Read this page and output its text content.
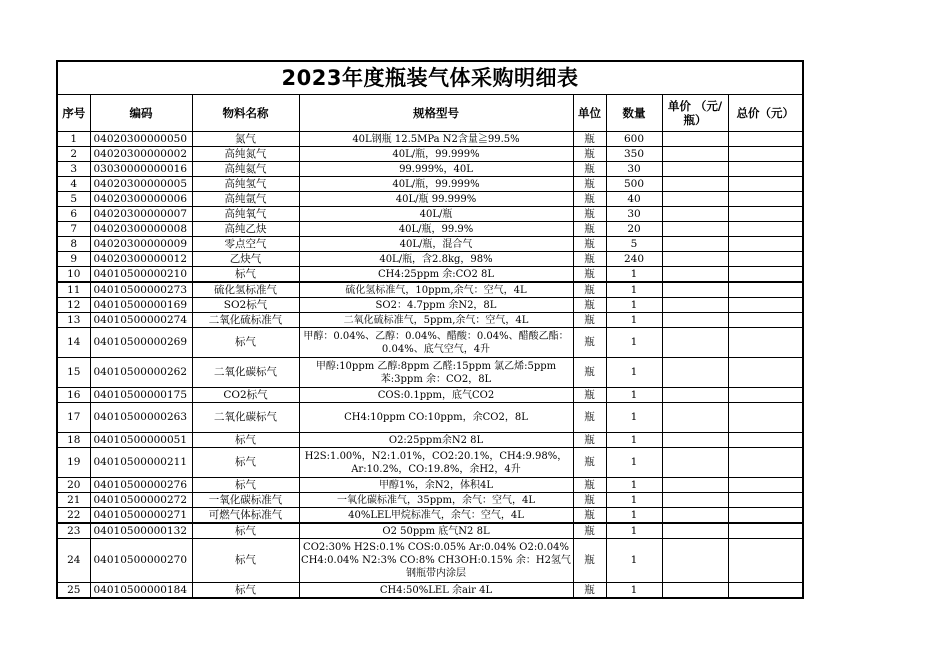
2023年度瓶装气体采购明细表							
序号	编码	物料名称	规格型号	单位	数量	单价 （元/瓶）	总价（元）
1	04020300000050	氮气	40L钢瓶 12.5MPa N2含量≧99.5%	瓶	600		
2	04020300000002	高纯氮气	40L/瓶，99.999%	瓶	350		
3	03030000000016	高纯氦气	99.999%，40L	瓶	30		
4	04020300000005	高纯氢气	40L/瓶，99.999%	瓶	500		
5	04020300000006	高纯氩气	40L/瓶 99.999%	瓶	40		
6	04020300000007	高纯氧气	40L/瓶	瓶	30		
7	04020300000008	高纯乙炔	40L/瓶，99.9%	瓶	20		
8	04020300000009	零点空气	40L/瓶，混合气	瓶	5		
9	04020300000012	乙炔气	40L/瓶，含2.8kg，98%	瓶	240		
10	04010500000210	标气	CH4:25ppm 余:CO2 8L	瓶	1		
11	04010500000273	硫化氢标准气	硫化氢标准气，10ppm,余气：空气，4L	瓶	1		
12	04010500000169	SO2标气	SO2：4.7ppm 余N2，8L	瓶	1		
13	04010500000274	二氧化硫标准气	二氧化硫标准气，5ppm,余气：空气，4L	瓶	1		
14	04010500000269	标气	甲醇：0.04%、乙醇：0.04%、醋酸：0.04%、醋酸乙酯：0.04%、底气空气，4升	瓶	1		
15	04010500000262	二氧化碳标气	甲醇:10ppm 乙醇:8ppm 乙醛:15ppm 氯乙烯:5ppm 苯:3ppm 余：CO2，8L	瓶	1		
16	04010500000175	CO2标气	COS:0.1ppm，底气CO2	瓶	1		
17	04010500000263	二氧化碳标气	CH4:10ppm CO:10ppm，余CO2，8L	瓶	1		
18	04010500000051	标气	O2:25ppm余N2 8L	瓶	1		
19	04010500000211	标气	H2S:1.00%，N2:1.01%，CO2:20.1%，CH4:9.98%，Ar:10.2%，CO:19.8%，余H2，4升	瓶	1		
20	04010500000276	标气	甲醇1%，余N2，体积4L	瓶	1		
21	04010500000272	一氧化碳标准气	一氧化碳标准气，35ppm，余气：空气，4L	瓶	1		
22	04010500000271	可燃气体标准气	40%LEL甲烷标准气，余气：空气，4L	瓶	1		
23	04010500000132	标气	O2 50ppm 底气N2 8L	瓶	1		
24	04010500000270	标气	CO2:30% H2S:0.1% COS:0.05% Ar:0.04% O2:0.04% CH4:0.04% N2:3% CO:8% CH3OH:0.15% 余：H2氢气 钢瓶带内涂层	瓶	1		
25	04010500000184	标气	CH4:50%LEL 余air 4L	瓶	1		
